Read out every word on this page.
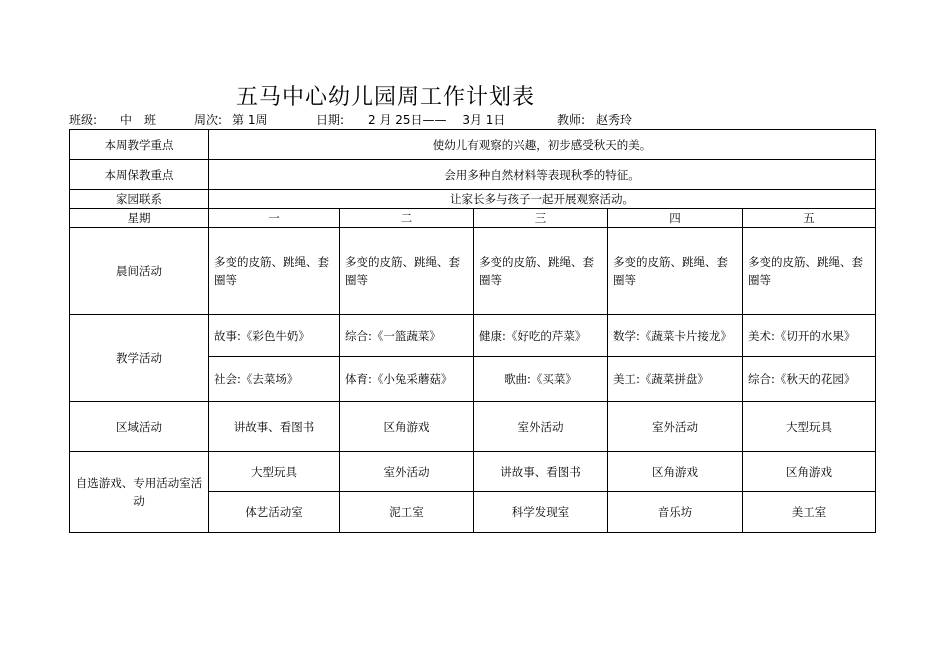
五马中心幼儿园周工作计划表
班级: 中　班	周次: 第 1周	日期: 2 月 25日——　 3月 1日	教师: 赵秀玲
本周教学重点	使幼儿有观察的兴趣，初步感受秋天的美。				
本周保教重点	会用多种自然材料等表现秋季的特征。				
家园联系	让家长多与孩子一起开展观察活动。				
星期	一	二	三	四	五
晨间活动	多变的皮筋、跳绳、套圈等	多变的皮筋、跳绳、套圈等	多变的皮筋、跳绳、套圈等	多变的皮筋、跳绳、套圈等	多变的皮筋、跳绳、套圈等
教学活动	故事:《彩色牛奶》	综合:《一篮蔬菜》	健康:《好吃的芹菜》	数学:《蔬菜卡片接龙》	美术:《切开的水果》
	社会:《去菜场》	体育:《小兔采蘑菇》	歌曲:《买菜》	美工:《蔬菜拼盘》	综合:《秋天的花园》
区域活动	讲故事、看图书	区角游戏	室外活动	室外活动	大型玩具
自选游戏、专用活动室活动	大型玩具	室外活动	讲故事、看图书	区角游戏	区角游戏
	体艺活动室	泥工室	科学发现室	音乐坊	美工室
